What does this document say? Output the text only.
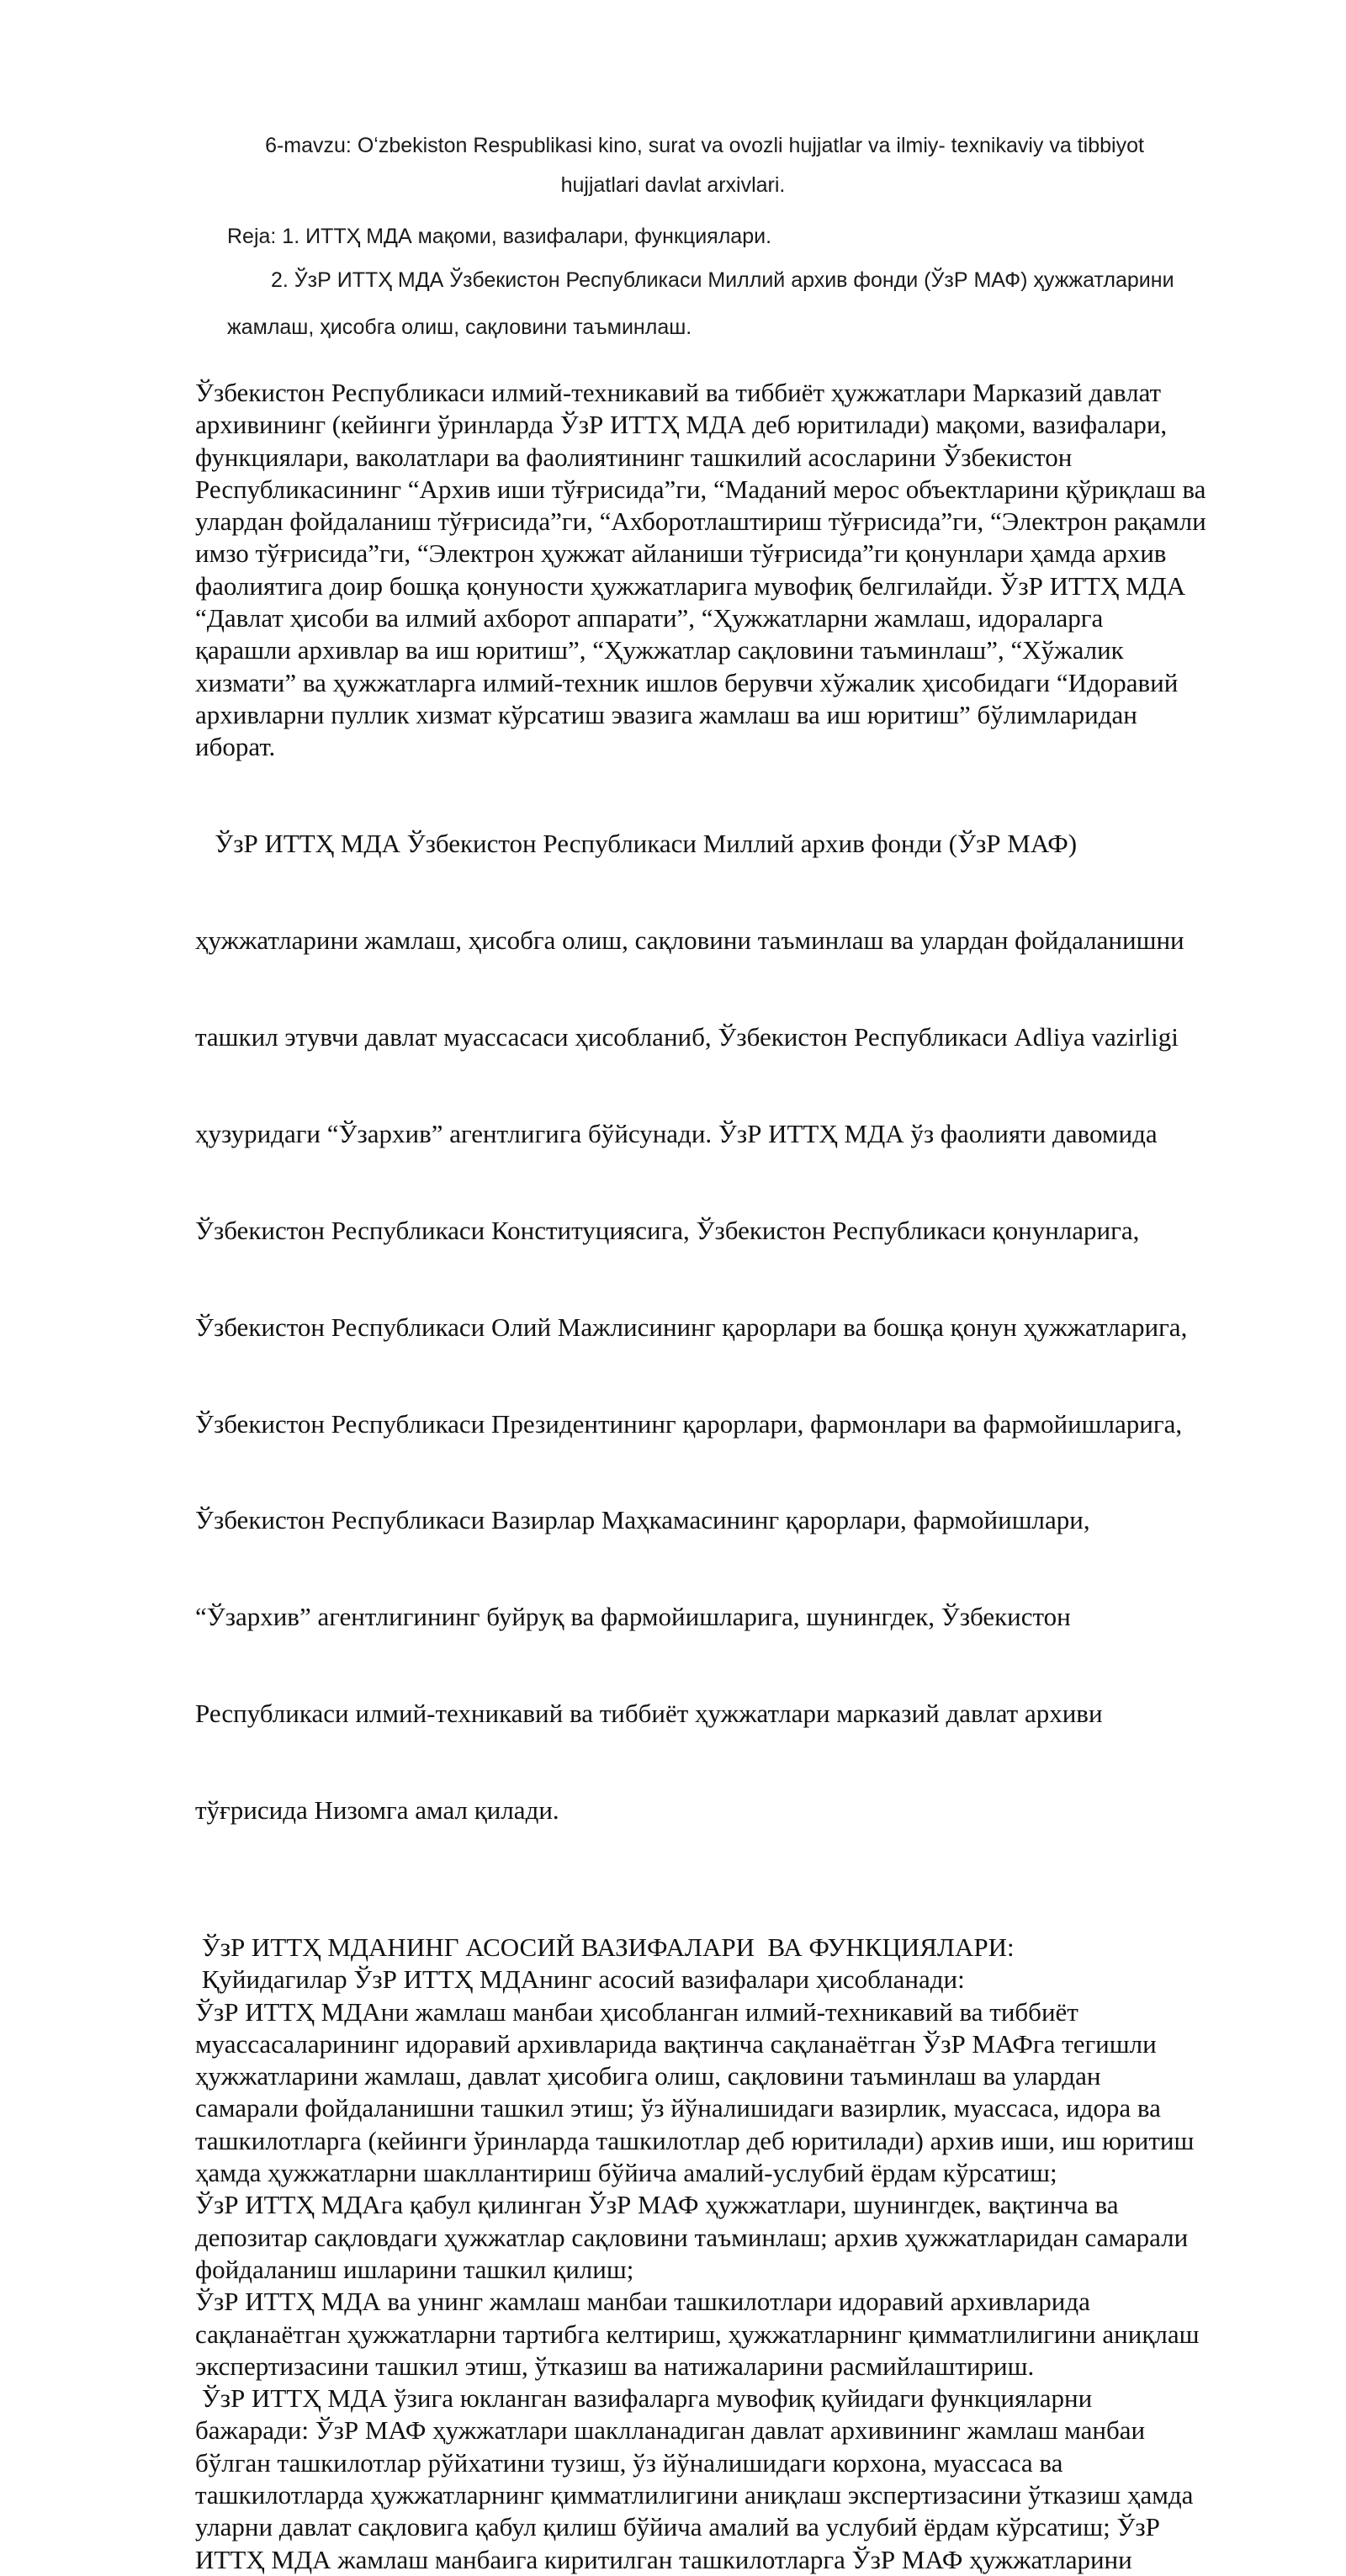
6-mavzu: Oʻzbekiston Respublikasi kino, surat va ovozli hujjatlar va ilmiy- texnikaviy va tibbiyot
hujjatlari davlat arxivlari.
Reja: 1. ИТТҲ МДА мақоми, вазифалари, функциялари.
2. ЎзР ИТТҲ МДА Ўзбекистон Республикаси Миллий архив фонди (ЎзР МАФ) ҳужжатларини
жамлаш, ҳисобга олиш, сақловини таъминлаш.
Ўзбекистон Республикаси илмий-техникавий ва тиббиёт ҳужжатлари Марказий давлат
архивининг (кейинги ўринларда ЎзР ИТТҲ МДА деб юритилади) мақоми, вазифалари,
функциялари, ваколатлари ва фаолиятининг ташкилий асосларини Ўзбекистон
Республикасининг “Архив иши тўғрисида”ги, “Маданий мерос объектларини қўриқлаш ва
улардан фойдаланиш тўғрисида”ги, “Ахборотлаштириш тўғрисида”ги, “Электрон рақамли
имзо тўғрисида”ги, “Электрон ҳужжат айланиши тўғрисида”ги қонунлари ҳамда архив
фаолиятига доир бошқа қонуности ҳужжатларига мувофиқ белгилайди. ЎзР ИТТҲ МДА
“Давлат ҳисоби ва илмий ахборот аппарати”, “Ҳужжатларни жамлаш, идораларга
қарашли архивлар ва иш юритиш”, “Ҳужжатлар сақловини таъминлаш”, “Хўжалик
хизмати” ва ҳужжатларга илмий-техник ишлов берувчи хўжалик ҳисобидаги “Идоравий
архивларни пуллик хизмат кўрсатиш эвазига жамлаш ва иш юритиш” бўлимларидан
иборат.

ЎзР ИТТҲ МДА Ўзбекистон Республикаси Миллий архив фонди (ЎзР МАФ)

ҳужжатларини жамлаш, ҳисобга олиш, сақловини таъминлаш ва улардан фойдаланишни

ташкил этувчи давлат муассасаси ҳисобланиб, Ўзбекистон Республикаси Adliya vazirligi

ҳузуридаги “Ўзархив” агентлигига бўйсунади. ЎзР ИТТҲ МДА ўз фаолияти давомида

Ўзбекистон Республикаси Конституциясига, Ўзбекистон Республикаси қонунларига,

Ўзбекистон Республикаси Олий Мажлисининг қарорлари ва бошқа қонун ҳужжатларига,

Ўзбекистон Республикаси Президентининг қарорлари, фармонлари ва фармойишларига,

Ўзбекистон Республикаси Вазирлар Маҳкамасининг қарорлари, фармойишлари,

“Ўзархив” агентлигининг буйруқ ва фармойишларига, шунингдек, Ўзбекистон

Республикаси илмий-техникавий ва тиббиёт ҳужжатлари марказий давлат архиви

тўғрисида Низомга амал қилади.

ЎзР ИТТҲ МДАНИНГ АСОСИЙ ВАЗИФАЛАРИ  ВА ФУНКЦИЯЛАРИ:
Қуйидагилар ЎзР ИТТҲ МДАнинг асосий вазифалари ҳисобланади:
ЎзР ИТТҲ МДАни жамлаш манбаи ҳисобланган илмий-техникавий ва тиббиёт
муассасаларининг идоравий архивларида вақтинча сақланаётган ЎзР МАФга тегишли
ҳужжатларини жамлаш, давлат ҳисобига олиш, сақловини таъминлаш ва улардан
самарали фойдаланишни ташкил этиш; ўз йўналишидаги вазирлик, муассаса, идора ва
ташкилотларга (кейинги ўринларда ташкилотлар деб юритилади) архив иши, иш юритиш
ҳамда ҳужжатларни шакллантириш бўйича амалий-услубий ёрдам кўрсатиш;
ЎзР ИТТҲ МДАга қабул қилинган ЎзР МАФ ҳужжатлари, шунингдек, вақтинча ва
депозитар сақловдаги ҳужжатлар сақловини таъминлаш; архив ҳужжатларидан самарали
фойдаланиш ишларини ташкил қилиш;
ЎзР ИТТҲ МДА ва унинг жамлаш манбаи ташкилотлари идоравий архивларида
сақланаётган ҳужжатларни тартибга келтириш, ҳужжатларнинг қимматлилигини аниқлаш
экспертизасини ташкил этиш, ўтказиш ва натижаларини расмийлаштириш.
ЎзР ИТТҲ МДА ўзига юкланган вазифаларга мувофиқ қуйидаги функцияларни
бажаради: ЎзР МАФ ҳужжатлари шаклланадиган давлат архивининг жамлаш манбаи
бўлган ташкилотлар рўйхатини тузиш, ўз йўналишидаги корхона, муассаса ва
ташкилотларда ҳужжатларнинг қимматлилигини аниқлаш экспертизасини ўтказиш ҳамда
уларни давлат сақловига қабул қилиш бўйича амалий ва услубий ёрдам кўрсатиш; ЎзР
ИТТҲ МДА жамлаш манбаига киритилган ташкилотларга ЎзР МАФ ҳужжатларини
